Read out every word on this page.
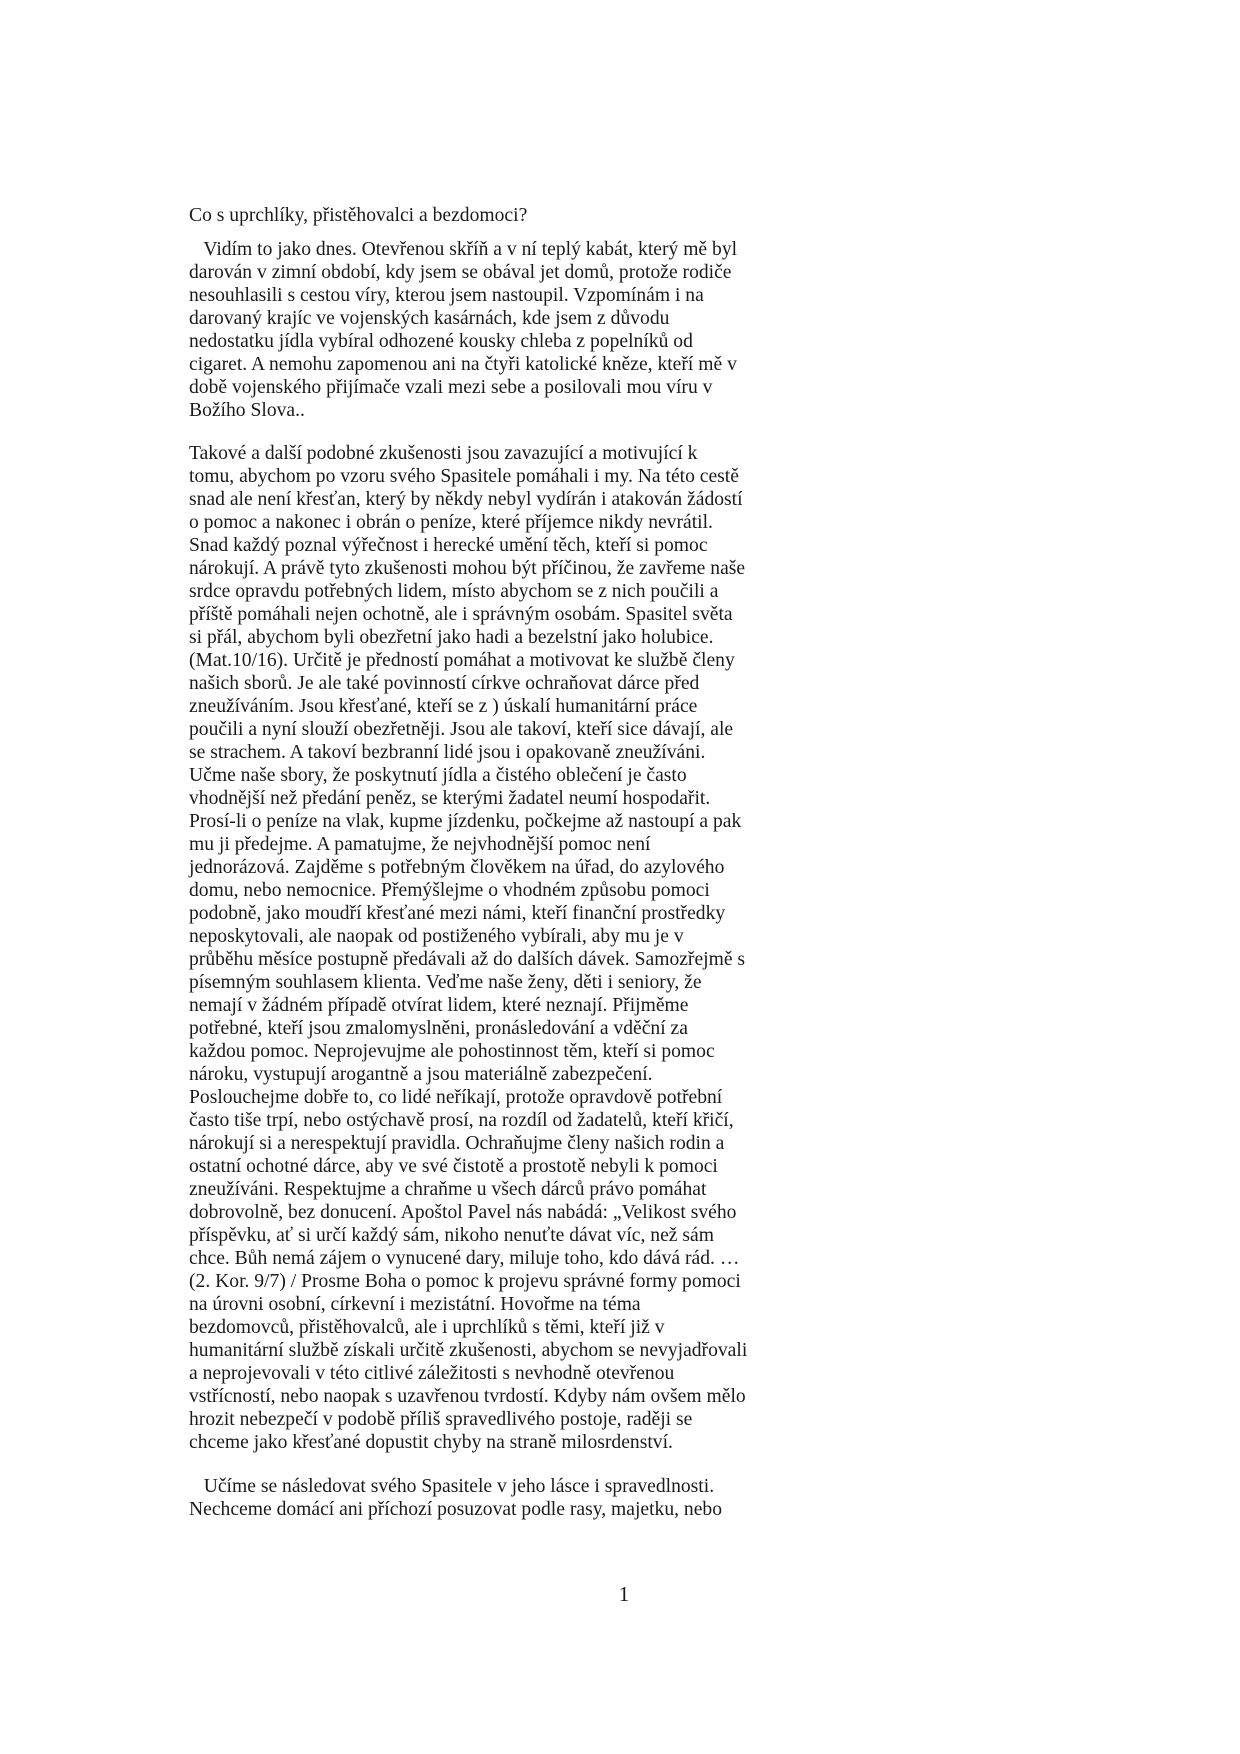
Co s uprchlíky, přistěhovalci a bezdomoci?
Vidím to jako dnes. Otevřenou skříň a v ní teplý kabát, který mě byl
darován v zimní období, kdy jsem se obával jet domů, protože rodiče
nesouhlasili s cestou víry, kterou jsem nastoupil. Vzpomínám i na
darovaný krajíc ve vojenských kasárnách, kde jsem z důvodu
nedostatku jídla vybíral odhozené kousky chleba z popelníků od
cigaret. A nemohu zapomenou ani na čtyři katolické kněze, kteří mě v
době vojenského přijímače vzali mezi sebe a posilovali mou víru v
Božího Slova..
Takové a další podobné zkušenosti jsou zavazující a motivující k
tomu, abychom po vzoru svého Spasitele pomáhali i my. Na této cestě
snad ale není křesťan, který by někdy nebyl vydírán i atakován žádostí
o pomoc a nakonec i obrán o peníze, které příjemce nikdy nevrátil.
Snad každý poznal výřečnost i herecké umění těch, kteří si pomoc
nárokují. A právě tyto zkušenosti mohou být příčinou, že zavřeme naše
srdce opravdu potřebných lidem, místo abychom se z nich poučili a
příště pomáhali nejen ochotně, ale i správným osobám. Spasitel světa
si přál, abychom byli obezřetní jako hadi a bezelstní jako holubice.
(Mat.10/16). Určitě je předností pomáhat a motivovat ke službě členy
našich sborů. Je ale také povinností církve ochraňovat dárce před
zneužíváním. Jsou křesťané, kteří se z ) úskalí humanitární práce
poučili a nyní slouží obezřetněji. Jsou ale takoví, kteří sice dávají, ale
se strachem. A takoví bezbranní lidé jsou i opakovaně zneužíváni.
Učme naše sbory, že poskytnutí jídla a čistého oblečení je často
vhodnější než předání peněz, se kterými žadatel neumí hospodařit.
Prosí-li o peníze na vlak, kupme jízdenku, počkejme až nastoupí a pak
mu ji předejme. A pamatujme, že nejvhodnější pomoc není
jednorázová. Zajděme s potřebným člověkem na úřad, do azylového
domu, nebo nemocnice. Přemýšlejme o vhodném způsobu pomoci
podobně, jako moudří křesťané mezi námi, kteří finanční prostředky
neposkytovali, ale naopak od postiženého vybírali, aby mu je v
průběhu měsíce postupně předávali až do dalších dávek. Samozřejmě s
písemným souhlasem klienta. Veďme naše ženy, děti i seniory, že
nemají v žádném případě otvírat lidem, které neznají. Přijměme
potřebné, kteří jsou zmalomyslněni, pronásledování a vděční za
každou pomoc. Neprojevujme ale pohostinnost těm, kteří si pomoc
nároku, vystupují arogantně a jsou materiálně zabezpečení.
Poslouchejme dobře to, co lidé neříkají, protože opravdově potřební
často tiše trpí, nebo ostýchavě prosí, na rozdíl od žadatelů, kteří křičí,
nárokují si a nerespektují pravidla. Ochraňujme členy našich rodin a
ostatní ochotné dárce, aby ve své čistotě a prostotě nebyli k pomoci
zneužíváni. Respektujme a chraňme u všech dárců právo pomáhat
dobrovolně, bez donucení. Apoštol Pavel nás nabádá: „Velikost svého
příspěvku, ať si určí každý sám, nikoho nenuťte dávat víc, než sám
chce. Bůh nemá zájem o vynucené dary, miluje toho, kdo dává rád. …
(2. Kor. 9/7) / Prosme Boha o pomoc k projevu správné formy pomoci
na úrovni osobní, církevní i mezistátní. Hovořme na téma
bezdomovců, přistěhovalců, ale i uprchlíků s těmi, kteří již v
humanitární službě získali určitě zkušenosti, abychom se nevyjadřovali
a neprojevovali v této citlivé záležitosti s nevhodně otevřenou
vstřícností, nebo naopak s uzavřenou tvrdostí. Kdyby nám ovšem mělo
hrozit nebezpečí v podobě příliš spravedlivého postoje, raději se
chceme jako křesťané dopustit chyby na straně milosrdenství.
Učíme se následovat svého Spasitele v jeho lásce i spravedlnosti.
Nechceme domácí ani příchozí posuzovat podle rasy, majetku, nebo
1
